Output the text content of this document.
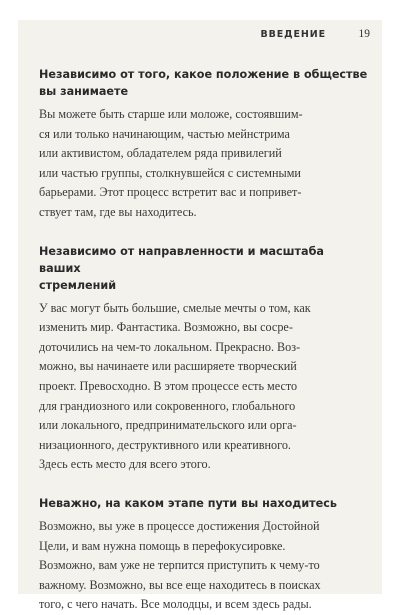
ВВЕДЕНИЕ	19
Независимо от того, какое положение в обществе
вы занимаете

Вы можете быть старше или моложе, состоявшим-
ся или только начинающим, частью мейнстрима
или активистом, обладателем ряда привилегий
или частью группы, столкнувшейся с системными
барьерами. Этот процесс встретит вас и попривет-
ствует там, где вы находитесь.

Независимо от направленности и масштаба ваших
стремлений

У вас могут быть большие, смелые мечты о том, как
изменить мир. Фантастика. Возможно, вы сосре-
доточились на чем-то локальном. Прекрасно. Воз-
можно, вы начинаете или расширяете творческий
проект. Превосходно. В этом процессе есть место
для грандиозного или сокровенного, глобального
или локального, предпринимательского или орга-
низационного, деструктивного или креативного.
Здесь есть место для всего этого.

Неважно, на каком этапе пути вы находитесь

Возможно, вы уже в процессе достижения Достойной
Цели, и вам нужна помощь в перефокусировке.
Возможно, вам уже не терпится приступить к чему-то
важному. Возможно, вы все еще находитесь в поисках
того, с чего начать. Все молодцы, и всем здесь рады.
